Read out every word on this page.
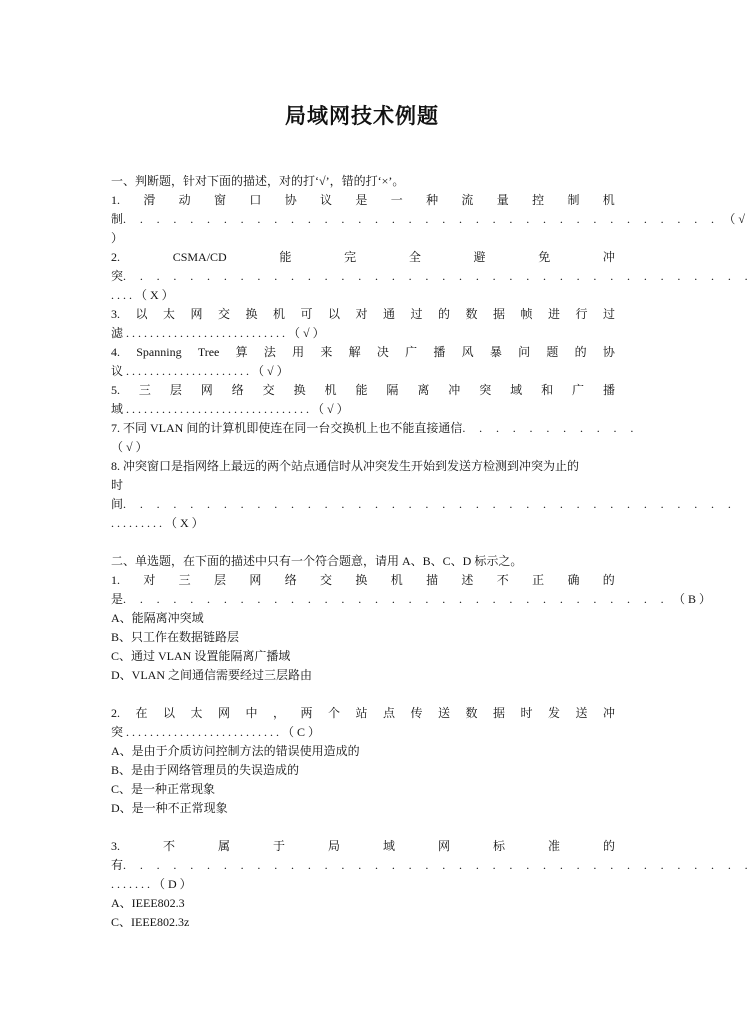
局域网技术例题
一、判断题，针对下面的描述，对的打‘√’，错的打‘×’。
1. 滑 动 窗 口 协 议 是 一 种 流 量 控 制 机
制 . . . . . . . . . . . . . . . . . . . . . . . . . . . . . . . . . . . . （ √
）
2.	CSMA/CD	能	完	全	避	免	冲
突 . . . . . . . . . . . . . . . . . . . . . . . . . . . . . . . . . . . . . .
. . . . （ X ）
3. 以 太 网 交 换 机 可 以 对 通 过 的 数 据 帧 进 行 过
滤 . . . . . . . . . . . . . . . . . . . . . . . . . . . （ √ ）
4. Spanning Tree 算 法 用 来 解 决 广 播 风 暴 问 题 的 协
议 . . . . . . . . . . . . . . . . . . . . . （ √ ）
5. 三 层 网 络 交 换 机 能 隔 离 冲 突 域 和 广 播
域 . . . . . . . . . . . . . . . . . . . . . . . . . . . . . . . （ √ ）
7. 不同 VLAN 间的计算机即使连在同一台交换机上也不能直接通信 . . . . . . . . . . .
（ √ ）
8. 冲突窗口是指网络上最远的两个站点通信时从冲突发生开始到发送方检测到冲突为止的
时
间 . . . . . . . . . . . . . . . . . . . . . . . . . . . . . . . . . . . . .
. . . . . . . . . （ X ）
二、单选题，在下面的描述中只有一个符合题意，请用 A、B、C、D 标示之。
1. 对 三 层 网 络 交 换 机 描 述 不 正 确 的
是 . . . . . . . . . . . . . . . . . . . . . . . . . . . . . . . . . （ B ）
A、能隔离冲突域
B、只工作在数据链路层
C、通过 VLAN 设置能隔离广播域
D、VLAN 之间通信需要经过三层路由
2. 在 以 太 网 中 ， 两 个 站 点 传 送 数 据 时 发 送 冲
突 . . . . . . . . . . . . . . . . . . . . . . . . . . （ C ）
A、是由于介质访问控制方法的错误使用造成的
B、是由于网络管理员的失误造成的
C、是一种正常现象
D、是一种不正常现象
3.	不	属	于	局	域	网	标	准	的
有 . . . . . . . . . . . . . . . . . . . . . . . . . . . . . . . . . . . . . .
. . . . . . . （ D ）
A、IEEE802.3
C、IEEE802.3z
